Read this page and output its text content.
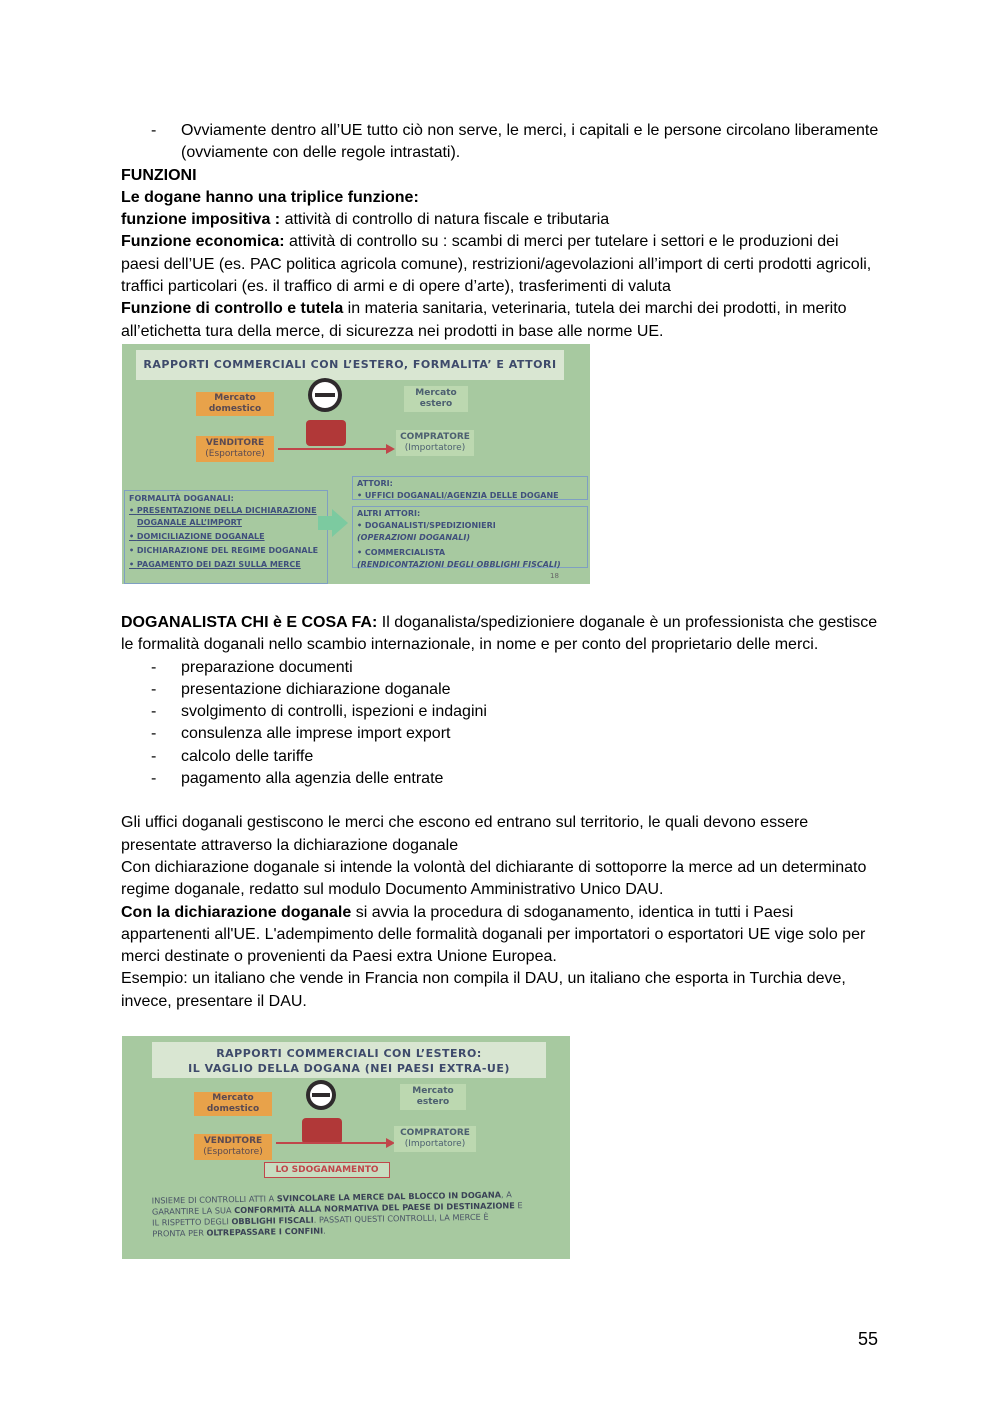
- Ovviamente dentro all’UE tutto ciò non serve, le merci, i capitali e le persone circolano liberamente (ovviamente con delle regole intrastati).

FUNZIONI

Le dogane hanno una triplice funzione:

funzione impositiva : attività di controllo di natura fiscale e tributaria

Funzione economica: attività di controllo su : scambi di merci per tutelare i settori e le produzioni dei paesi dell’UE (es. PAC politica agricola comune), restrizioni/agevolazioni all’import di certi prodotti agricoli, traffici particolari (es. il traffico di armi e di opere d’arte), trasferimenti di valuta

Funzione di controllo e tutela in materia sanitaria, veterinaria, tutela dei marchi dei prodotti, in merito all’etichetta tura della merce, di sicurezza nei prodotti in base alle norme UE.

RAPPORTI COMMERCIALI CON L’ESTERO, FORMALITA’ E ATTORI
Mercato domestico
Mercato estero
VENDITORE
(Esportatore)
COMPRATORE
(Importatore)
FORMALITÀ DOGANALI:
• PRESENTAZIONE DELLA DICHIARAZIONE
DOGANALE ALL’IMPORT
• DOMICILIAZIONE DOGANALE
• DICHIARAZIONE DEL REGIME DOGANALE
• PAGAMENTO DEI DAZI SULLA MERCE
ATTORI:
• UFFICI DOGANALI/AGENZIA DELLE DOGANE
ALTRI ATTORI:
• DOGANALISTI/SPEDIZIONIERI
(OPERAZIONI DOGANALI)
• COMMERCIALISTA
(RENDICONTAZIONI DEGLI OBBLIGHI FISCALI)
18

DOGANALISTA CHI è E COSA FA: Il doganalista/spedizioniere doganale è un professionista che gestisce le formalità doganali nello scambio internazionale, in nome e per conto del proprietario delle merci.

- preparazione documenti
- presentazione dichiarazione doganale
- svolgimento di controlli, ispezioni e indagini
- consulenza alle imprese import export
- calcolo delle tariffe
- pagamento alla agenzia delle entrate

Gli uffici doganali gestiscono le merci che escono ed entrano sul territorio, le quali devono essere presentate attraverso la dichiarazione doganale

Con dichiarazione doganale si intende la volontà del dichiarante di sottoporre la merce ad un determinato regime doganale, redatto sul modulo Documento Amministrativo Unico DAU.

Con la dichiarazione doganale si avvia la procedura di sdoganamento, identica in tutti i Paesi appartenenti all'UE. L'adempimento delle formalità doganali per importatori o esportatori UE vige solo per merci destinate o provenienti da Paesi extra Unione Europea.

Esempio: un italiano che vende in Francia non compila il DAU, un italiano che esporta in Turchia deve, invece, presentare il DAU.

RAPPORTI COMMERCIALI CON L’ESTERO:
IL VAGLIO DELLA DOGANA (NEI PAESI EXTRA-UE)
Mercato domestico
Mercato estero
VENDITORE
(Esportatore)
COMPRATORE
(Importatore)
LO SDOGANAMENTO
INSIEME DI CONTROLLI ATTI A SVINCOLARE LA MERCE DAL BLOCCO IN DOGANA, A
GARANTIRE LA SUA CONFORMITÀ ALLA NORMATIVA DEL PAESE DI DESTINAZIONE E
IL RISPETTO DEGLI OBBLIGHI FISCALI. PASSATI QUESTI CONTROLLI, LA MERCE È
PRONTA PER OLTREPASSARE I CONFINI.
55
